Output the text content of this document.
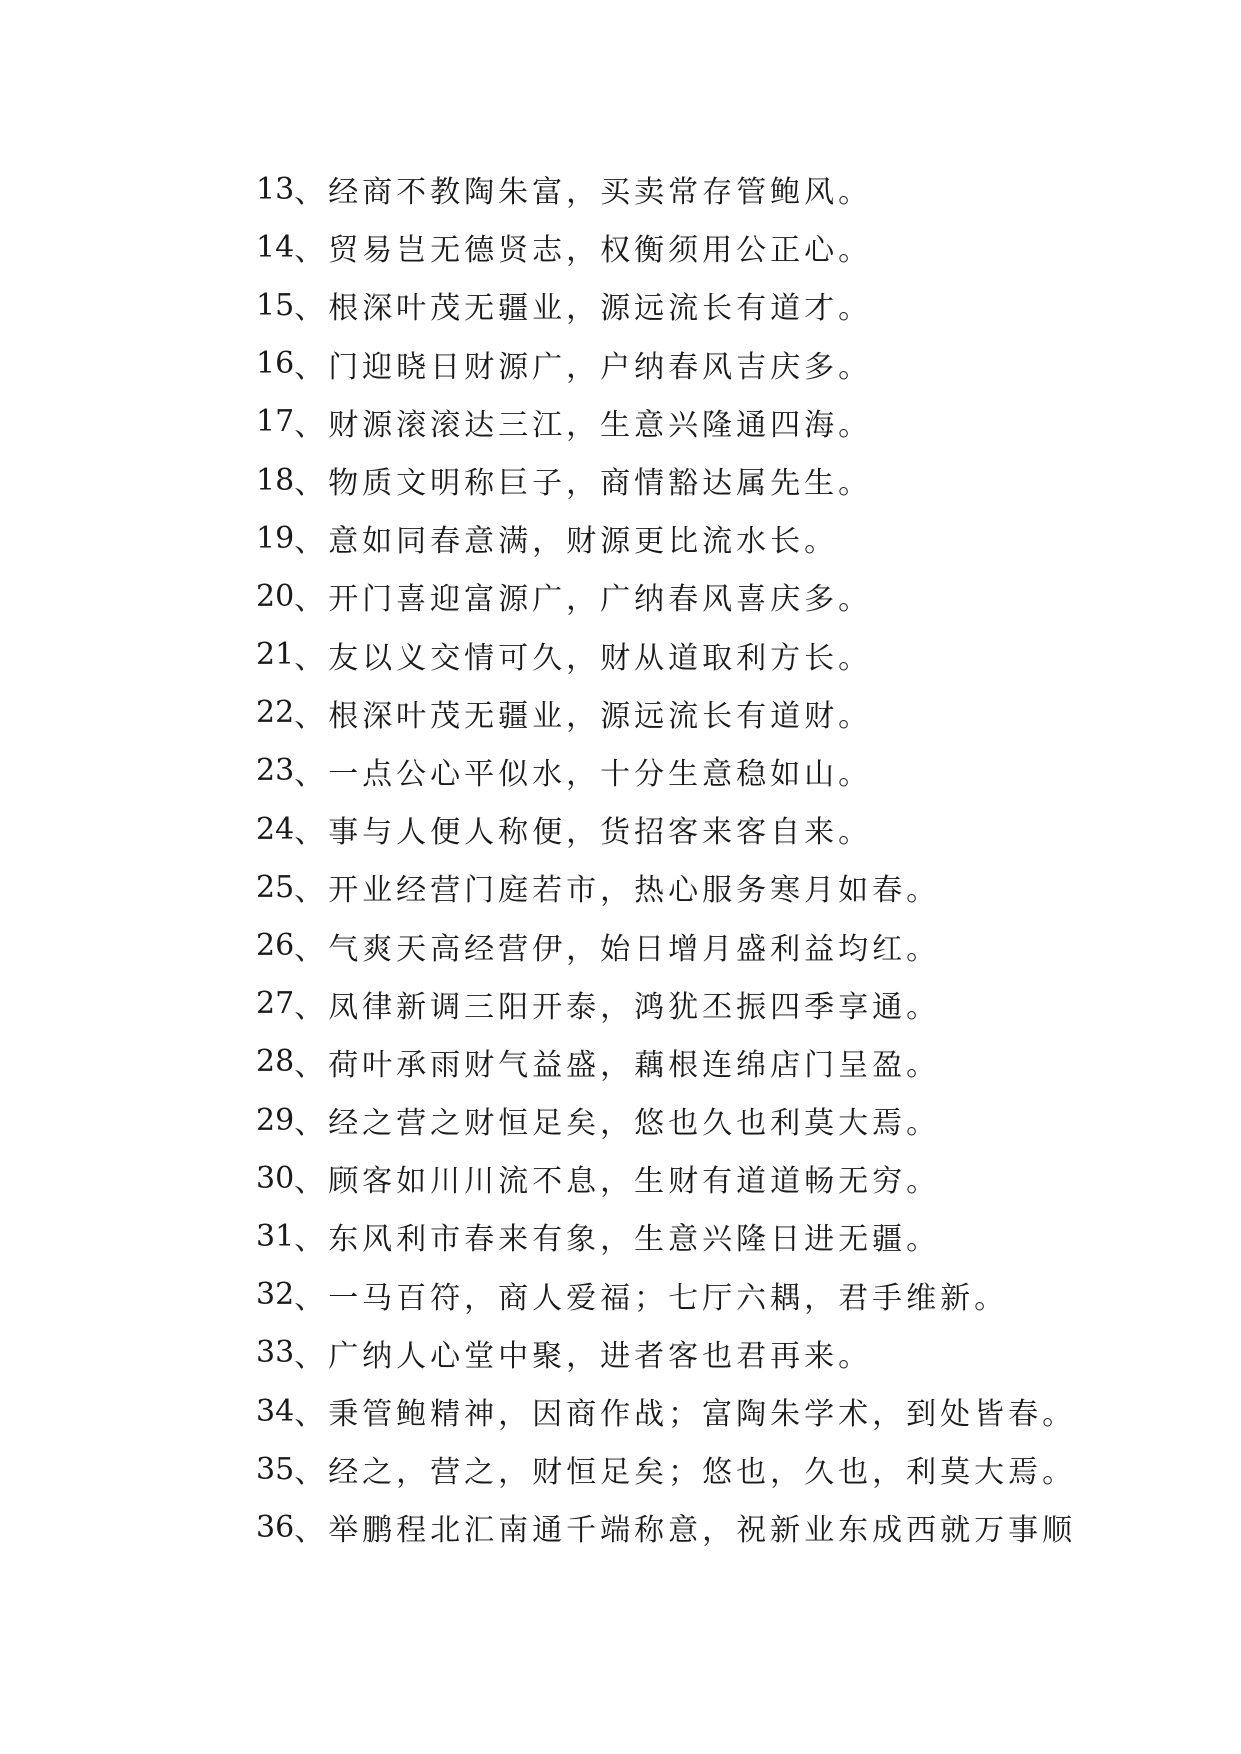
13 、 经商不教陶朱富，买卖常存管鲍风。
14 、 贸易岂无德贤志，权衡须用公正心。
15 、 根深叶茂无疆业，源远流长有道才。
16 、 门迎晓日财源广，户纳春风吉庆多。
17 、 财源滚滚达三江，生意兴隆通四海。
18 、 物质文明称巨子，商情豁达属先生。
19 、 意如同春意满，财源更比流水长。
20 、 开门喜迎富源广，广纳春风喜庆多。
21 、 友以义交情可久，财从道取利方长。
22 、 根深叶茂无疆业，源远流长有道财。
23 、 一点公心平似水，十分生意稳如山。
24 、 事与人便人称便，货招客来客自来。
25 、 开业经营门庭若市，热心服务寒月如春。
26 、 气爽天高经营伊，始日增月盛利益均红。
27 、 凤律新调三阳开泰，鸿犹丕振四季享通。
28 、 荷叶承雨财气益盛，藕根连绵店门呈盈。
29 、 经之营之财恒足矣，悠也久也利莫大焉。
30 、 顾客如川川流不息，生财有道道畅无穷。
31 、 东风利市春来有象，生意兴隆日进无疆。
32 、 一马百符，商人爱福；七厅六耦，君手维新。
33 、 广纳人心堂中聚，进者客也君再来。
34 、 秉管鲍精神，因商作战；富陶朱学术，到处皆春。
35 、 经之，营之，财恒足矣；悠也，久也，利莫大焉。
36 、 举鹏程北汇南通千端称意，祝新业东成西就万事顺
